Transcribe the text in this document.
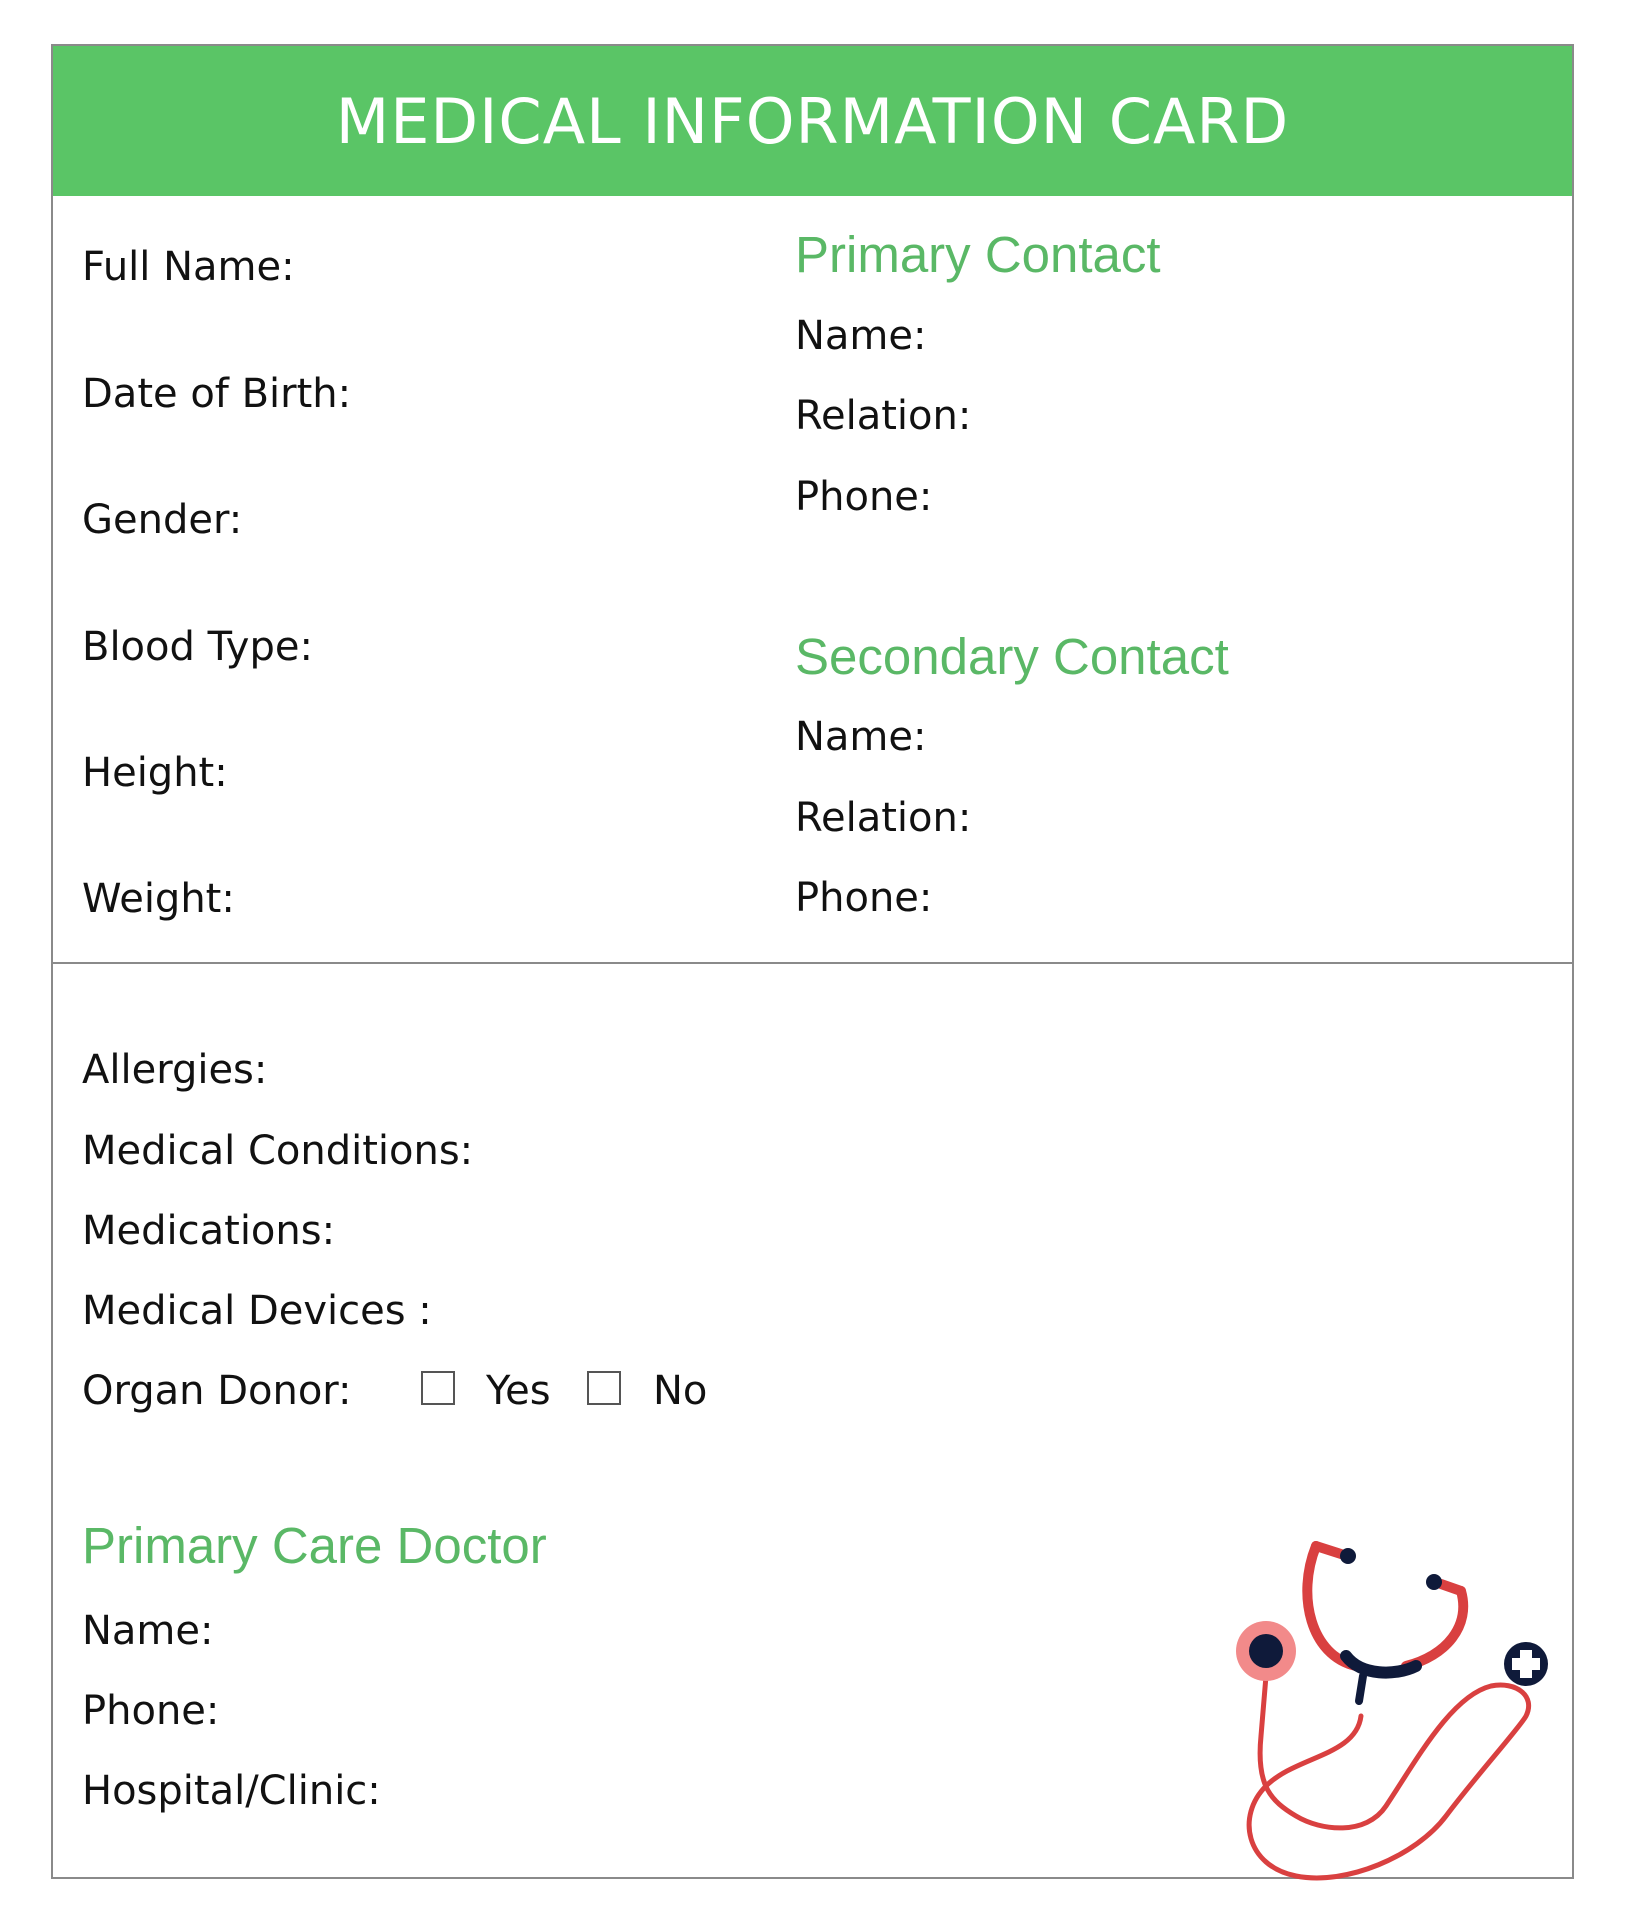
MEDICAL INFORMATION CARD
Full Name:
Date of Birth:
Gender:
Blood Type:
Height:
Weight:
Primary Contact
Name:
Relation:
Phone:
Secondary Contact
Name:
Relation:
Phone:
Allergies:
Medical Conditions:
Medications:
Medical Devices :
Organ Donor:	Yes	No
Primary Care Doctor
Name:
Phone:
Hospital/Clinic:
